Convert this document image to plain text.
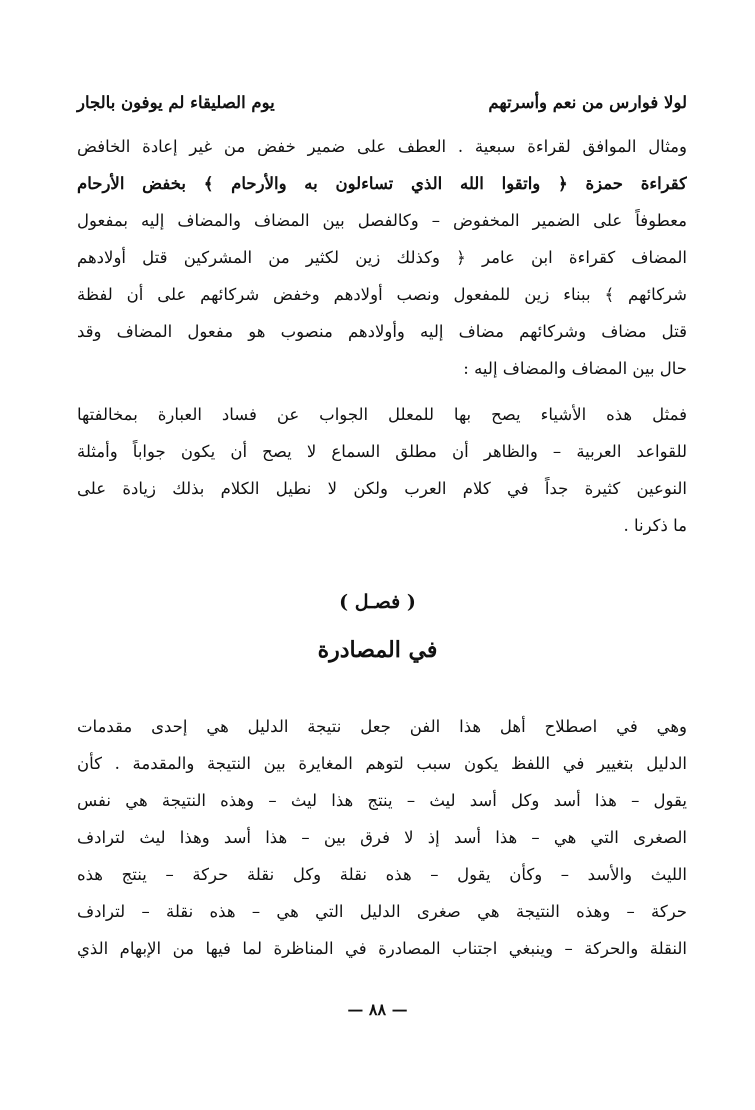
لولا فوارس من نعم وأسرتهم
يوم الصليقاء لم يوفون بالجار
ومثال الموافق لقراءة سبعية . العطف على ضمير خفض من غير إعادة الخافض
كقراءة حمزة ﴿ واتقوا الله الذي تساءلون به والأرحام ﴾ بخفض الأرحام
معطوفاً على الضمير المخفوض – وكالفصل بين المضاف والمضاف إليه بمفعول
المضاف كقراءة ابن عامر ﴿ وكذلك زين لكثير من المشركين قتل أولادهم
شركائهم ﴾ ببناء زين للمفعول ونصب أولادهم وخفض شركائهم على أن لفظة
قتل مضاف وشركائهم مضاف إليه وأولادهم منصوب هو مفعول المضاف وقد
حال بين المضاف والمضاف إليه :
فمثل هذه الأشياء يصح بها للمعلل الجواب عن فساد العبارة بمخالفتها
للقواعد العربية – والظاهر أن مطلق السماع لا يصح أن يكون جواباً وأمثلة
النوعين كثيرة جداً في كلام العرب ولكن لا نطيل الكلام بذلك زيادة على
ما ذكرنا .
( فصـل )
في المصادرة
وهي في اصطلاح أهل هذا الفن جعل نتيجة الدليل هي إحدى مقدمات
الدليل بتغيير في اللفظ يكون سبب لتوهم المغايرة بين النتيجة والمقدمة . كأن
يقول – هذا أسد وكل أسد ليث – ينتج هذا ليث – وهذه النتيجة هي نفس
الصغرى التي هي – هذا أسد إذ لا فرق بين – هذا أسد وهذا ليث لترادف
الليث والأسد – وكأن يقول – هذه نقلة وكل نقلة حركة – ينتج هذه
حركة – وهذه النتيجة هي صغرى الدليل التي هي – هذه نقلة – لترادف
النقلة والحركة – وينبغي اجتناب المصادرة في المناظرة لما فيها من الإبهام الذي
— ٨٨ —
